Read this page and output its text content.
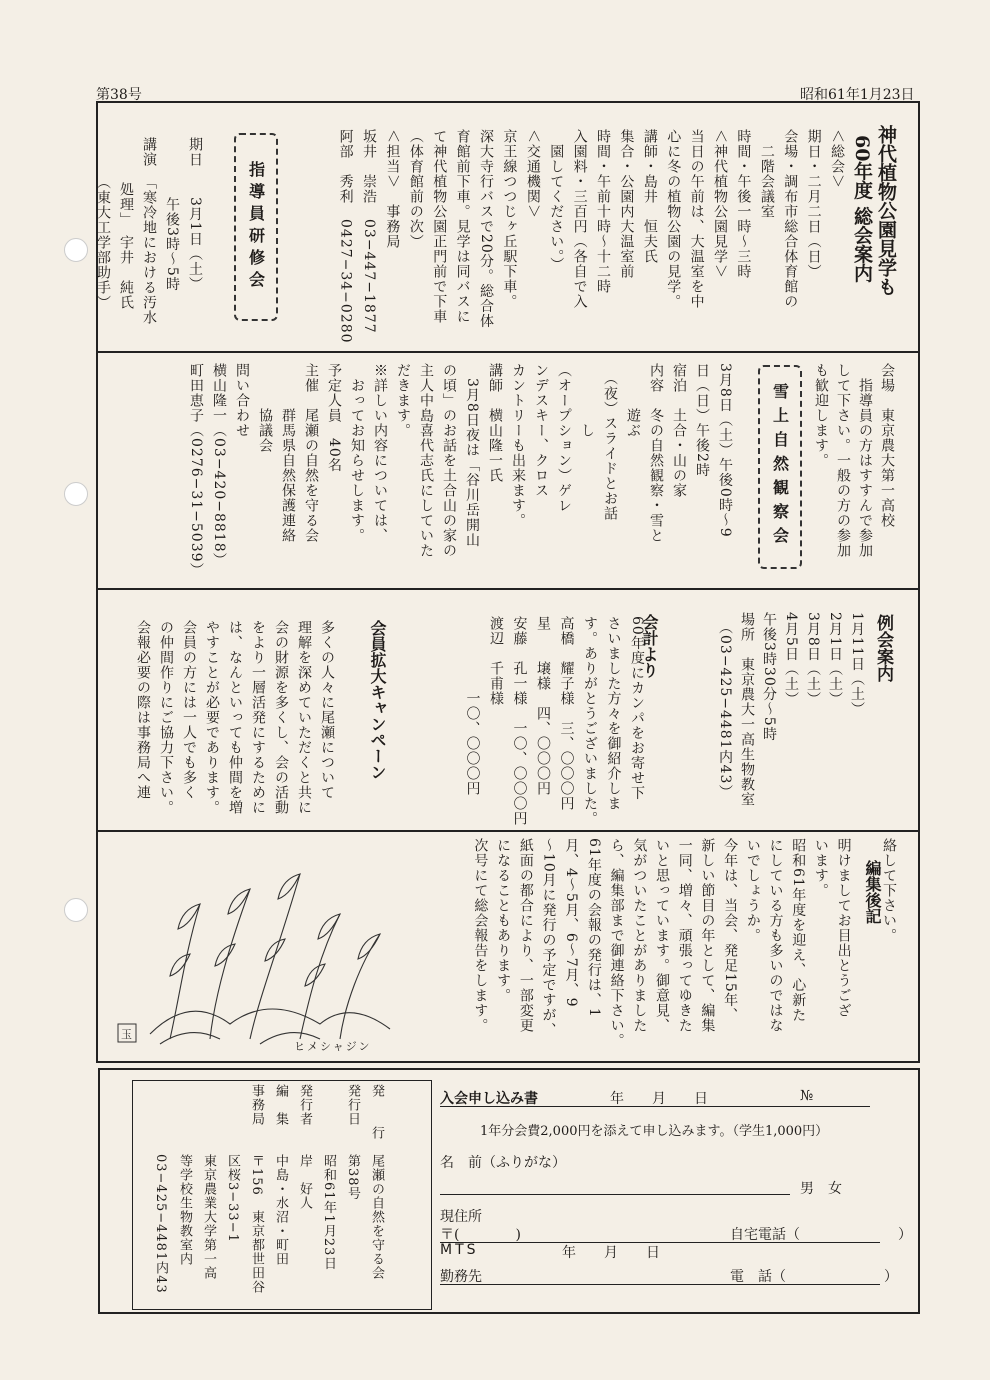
第38号	昭和61年1月23日
60年度 総会案内 神代植物公園見学も
＜総会＞
期日・二月二日（日）
会場・調布市総合体育館の
　二階会議室
時間・午後一時〜三時
＜神代植物公園見学＞
当日の午前は、大温室を中
心に冬の植物公園の見学。
講師・島井　恒夫氏
集合・公園内大温室前
時間・午前十時〜十二時
入園料・三百円（各自で入
　園してください。）
＜交通機関＞
京王線つつじヶ丘駅下車。
深大寺行バスで20分。総合体
育館前下車。見学は同バスに
て神代植物公園正門前で下車
（体育館前の次）
＜担当＞　事務局
坂井　崇浩　03−447−1877
阿部　秀利　0427−34−0280
指導員研修会
期日　　3月1日（土）
　　　　午後3時〜5時
講演　「寒冷地における汚水
　　　処理」　宇井　純氏
　　　（東大工学部助手）
会場　東京農大第一高校
　指導員の方はすすんで参加
して下さい。一般の方の参加
も歓迎します。
雪上自然観察会
3月8日（土）午後0時〜9
日（日）午後2時
宿泊　土合・山の家
内容　冬の自然観察・雪と
　　　遊ぶ
　（夜）スライドとお話
　　　　し
（オープション）ゲレ
ンデスキー、クロス
カントリーも出来ます。
講師　横山隆一氏
　3月8日夜は「谷川岳開山
の頃」のお話を土合山の家の
主人中島喜代志氏にしていた
だきます。
※詳しい内容については、
　おってお知らせします。
予定人員　40名
主催　尾瀬の自然を守る会
　　　群馬県自然保護連絡
　　　協議会
問い合わせ
横山隆一（03−420−8818）
町田恵子（0276−31−5039）
例会案内
1月11日（土）
2月1日（土）
3月8日（土）
4月5日（土）
午後3時30分〜5時
場所　東京農大一高生物教室
　（03−425−4481内43）
会計より
60年度にカンパをお寄せ下
さいました方々を御紹介しま
す。ありがとうございました。
高橋　耀子様　三、〇〇〇円
星　　壌様　四、〇〇〇円
安藤　孔一様　一〇、〇〇〇円
渡辺　千甫様
　　　　　一〇、〇〇〇円
会員拡大キャンペーン
多くの人々に尾瀬について
理解を深めていただくと共に
会の財源を多くし、会の活動
をより一層活発にするために
は、なんといっても仲間を増
やすことが必要であります。
会員の方には一人でも多く
の仲間作りにご協力下さい。
会報必要の際は事務局へ連
編集後記 絡して下さい。
明けましてお目出とうござ
います。
昭和61年度を迎え、心新た
にしている方も多いのではな
いでしょうか。
今年は、当会、発足15年、
新しい節目の年として、編集
一同、増々、頑張ってゆきた
いと思っています。御意見、
気がついたことがありました
ら、編集部まで御連絡下さい。
61年度の会報の発行は、1
月、4〜5月、6〜7月、9
〜10月に発行の予定ですが、
紙面の都合により、一部変更
になることもあります。
次号にて総会報告をします。
玉
ヒメシャジン
発　　行　尾瀬の自然を守る会
発行日　　第38号
　　　　　昭和61年1月23日
発行者　　岸　好人
編　集　　中島・水沼・町田
事務局　　〒156　東京都世田谷
　　　　　区桜3−33−1
　　　　　東京農業大学第一高
　　　　　等学校生物教室内
　　　　　03−425−4481内43	入会申し込み書	年　　月　　日	№
1年分会費2,000円を添えて申し込みます。（学生1,000円）
名　前（ふりがな）
男　女
現住所
〒(　　　　)	自宅電話（　　　　　　　）
MTS	年　　月　　日
勤務先	電　話（　　　　　　　）
